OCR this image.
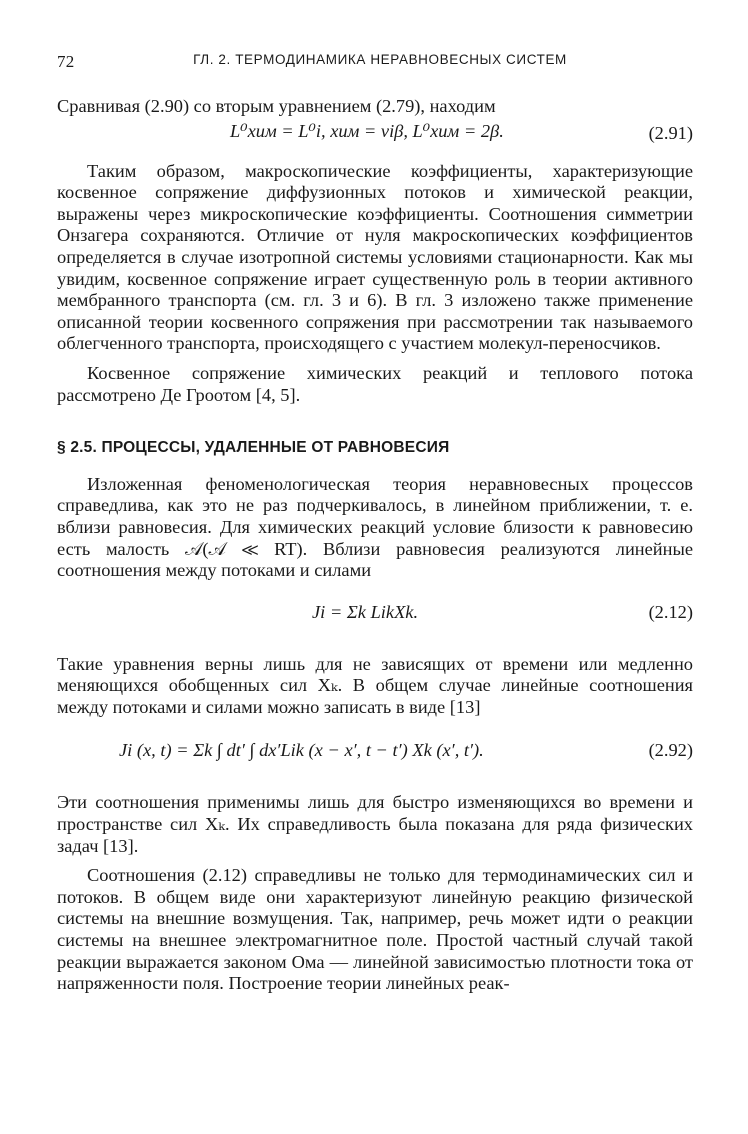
72	ГЛ. 2. ТЕРМОДИНАМИКА НЕРАВНОВЕСНЫХ СИСТЕМ

Сравнивая (2.90) со вторым уравнением (2.79), находим

L⁰хим = L⁰i, хим = νiβ, L⁰хим = 2β.	(2.91)

Таким образом, макроскопические коэффициенты, характеризующие косвенное сопряжение диффузионных потоков и химической реакции, выражены через микроскопические коэффициенты. Соотношения симметрии Онзагера сохраняются. Отличие от нуля макроскопических коэффициентов определяется в случае изотропной системы условиями стационарности. Как мы увидим, косвенное сопряжение играет существенную роль в теории активного мембранного транспорта (см. гл. 3 и 6). В гл. 3 изложено также применение описанной теории косвенного сопряжения при рассмотрении так называемого облегченного транспорта, происходящего с участием молекул-переносчиков.

Косвенное сопряжение химических реакций и теплового потока рассмотрено Де Гроотом [4, 5].

§ 2.5. ПРОЦЕССЫ, УДАЛЕННЫЕ ОТ РАВНОВЕСИЯ

Изложенная феноменологическая теория неравновесных процессов справедлива, как это не раз подчеркивалось, в линейном приближении, т. е. вблизи равновесия. Для химических реакций условие близости к равновесию есть малость 𝒜(𝒜 ≪ RT). Вблизи равновесия реализуются линейные соотношения между потоками и силами

Ji = Σk LikXk.	(2.12)

Такие уравнения верны лишь для не зависящих от времени или медленно меняющихся обобщенных сил Xₖ. В общем случае линейные соотношения между потоками и силами можно записать в виде [13]

Ji (x, t) = Σk ∫ dt′ ∫ dx′Lik (x − x′, t − t′) Xk (x′, t′).	(2.92)

Эти соотношения применимы лишь для быстро изменяющихся во времени и пространстве сил Xₖ. Их справедливость была показана для ряда физических задач [13].

Соотношения (2.12) справедливы не только для термодинамических сил и потоков. В общем виде они характеризуют линейную реакцию физической системы на внешние возмущения. Так, например, речь может идти о реакции системы на внешнее электромагнитное поле. Простой частный случай такой реакции выражается законом Ома — линейной зависимостью плотности тока от напряженности поля. Построение теории линейных реак-
